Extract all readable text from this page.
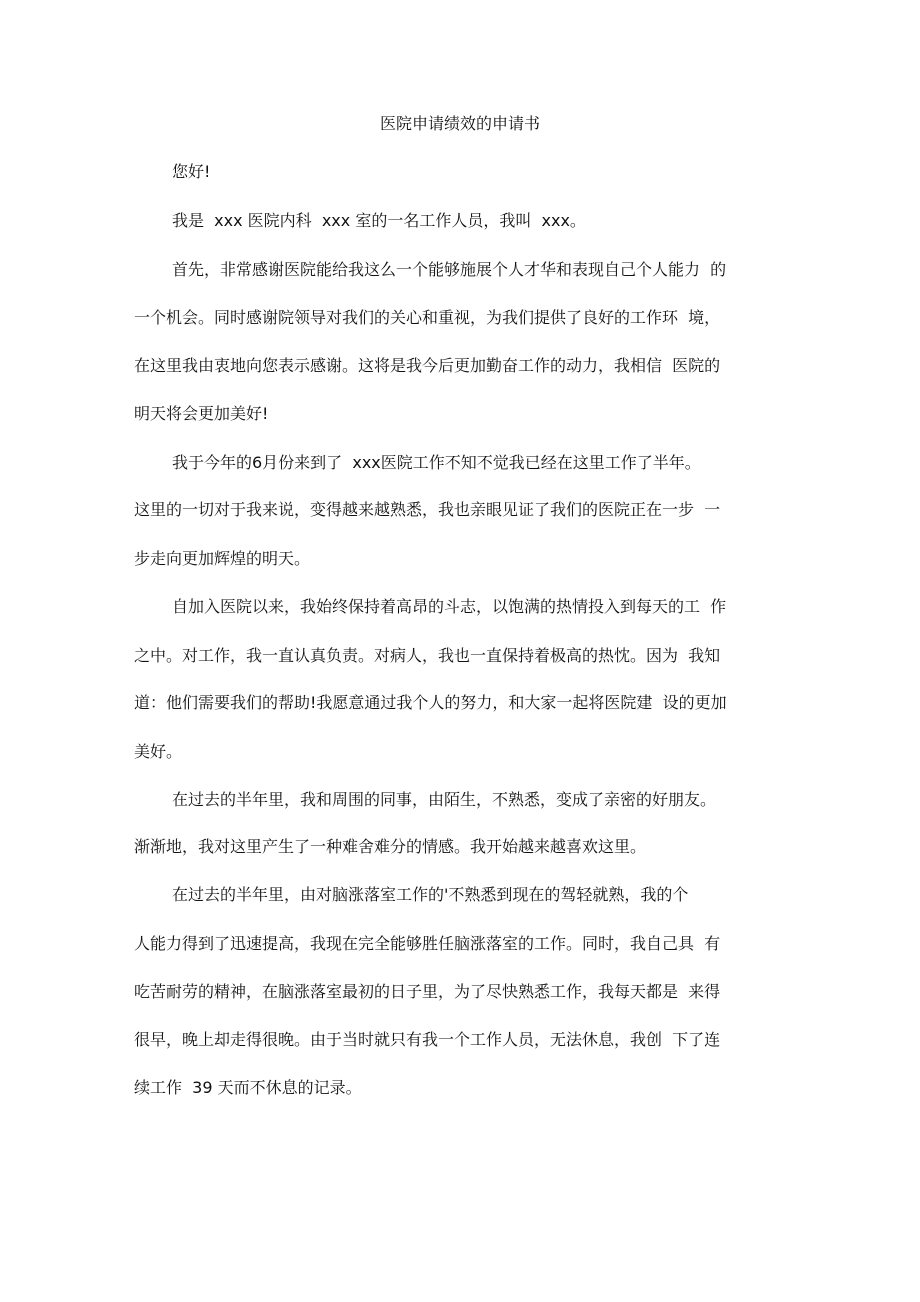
医院申请绩效的申请书

您好!

我是  xxx 医院内科  xxx 室的一名工作人员，我叫  xxx。

首先，非常感谢医院能给我这么一个能够施展个人才华和表现自己个人能力  的

一个机会。同时感谢院领导对我们的关心和重视，为我们提供了良好的工作环  境，

在这里我由衷地向您表示感谢。这将是我今后更加勤奋工作的动力，我相信  医院的

明天将会更加美好!

我于今年的6月份来到了  xxx医院工作不知不觉我已经在这里工作了半年。

这里的一切对于我来说，变得越来越熟悉，我也亲眼见证了我们的医院正在一步  一

步走向更加辉煌的明天。

自加入医院以来，我始终保持着高昂的斗志，以饱满的热情投入到每天的工  作

之中。对工作，我一直认真负责。对病人，我也一直保持着极高的热忱。因为  我知

道：他们需要我们的帮助!我愿意通过我个人的努力，和大家一起将医院建  设的更加

美好。

在过去的半年里，我和周围的同事，由陌生，不熟悉，变成了亲密的好朋友。

渐渐地，我对这里产生了一种难舍难分的情感。我开始越来越喜欢这里。

在过去的半年里，由对脑涨落室工作的'不熟悉到现在的驾轻就熟，我的个

人能力得到了迅速提高，我现在完全能够胜任脑涨落室的工作。同时，我自己具  有

吃苦耐劳的精神，在脑涨落室最初的日子里，为了尽快熟悉工作，我每天都是  来得

很早，晚上却走得很晚。由于当时就只有我一个工作人员，无法休息，我创  下了连

续工作  39 天而不休息的记录。
